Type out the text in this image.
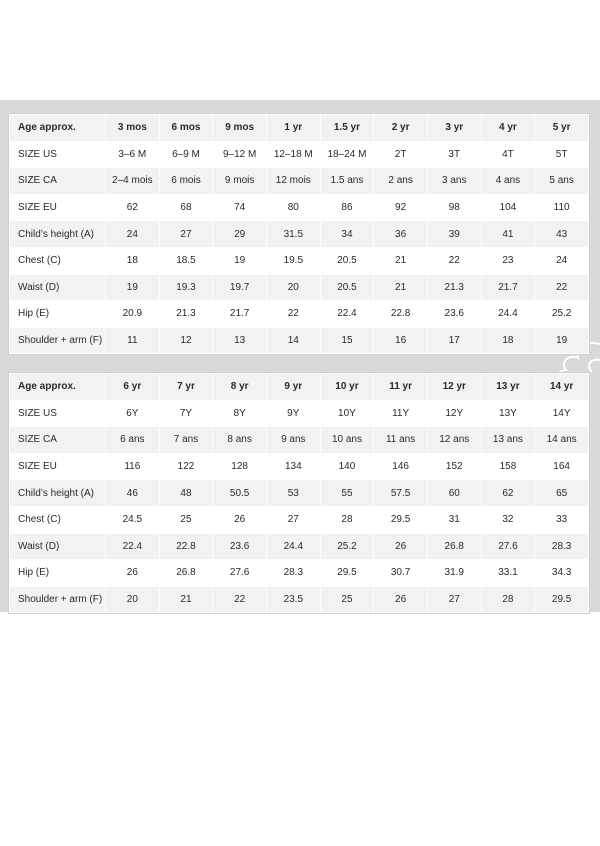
Age approx.	3 mos	6 mos	9 mos	1 yr	1.5 yr	2 yr	3 yr	4 yr	5 yr
SIZE US	3–6 M	6–9 M	9–12 M	12–18 M	18–24 M	2T	3T	4T	5T
SIZE CA	2–4 mois	6 mois	9 mois	12 mois	1.5 ans	2 ans	3 ans	4 ans	5 ans
SIZE EU	62	68	74	80	86	92	98	104	110
Child’s height (A)	24	27	29	31.5	34	36	39	41	43
Chest (C)	18	18.5	19	19.5	20.5	21	22	23	24
Waist (D)	19	19.3	19.7	20	20.5	21	21.3	21.7	22
Hip (E)	20.9	21.3	21.7	22	22.4	22.8	23.6	24.4	25.2
Shoulder + arm (F)	11	12	13	14	15	16	17	18	19
Age approx.	6 yr	7 yr	8 yr	9 yr	10 yr	11 yr	12 yr	13 yr	14 yr
SIZE US	6Y	7Y	8Y	9Y	10Y	11Y	12Y	13Y	14Y
SIZE CA	6 ans	7 ans	8 ans	9 ans	10 ans	11 ans	12 ans	13 ans	14 ans
SIZE EU	116	122	128	134	140	146	152	158	164
Child’s height (A)	46	48	50.5	53	55	57.5	60	62	65
Chest (C)	24.5	25	26	27	28	29.5	31	32	33
Waist (D)	22.4	22.8	23.6	24.4	25.2	26	26.8	27.6	28.3
Hip (E)	26	26.8	27.6	28.3	29.5	30.7	31.9	33.1	34.3
Shoulder + arm (F)	20	21	22	23.5	25	26	27	28	29.5
